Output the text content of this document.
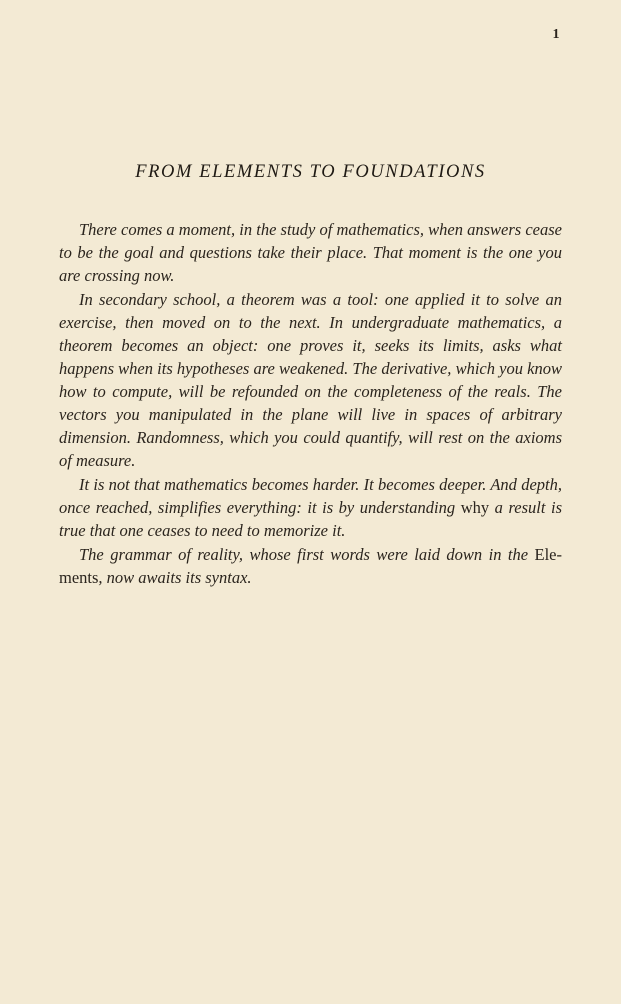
1
FROM ELEMENTS TO FOUNDATIONS

There comes a moment, in the study of mathematics, when answers cease to be the goal and questions take their place. That moment is the one you are crossing now.

In secondary school, a theorem was a tool: one applied it to solve an exercise, then moved on to the next. In undergraduate mathematics, a theorem becomes an object: one proves it, seeks its limits, asks what happens when its hypotheses are weakened. The derivative, which you know how to compute, will be refounded on the completeness of the reals. The vectors you manipulated in the plane will live in spaces of arbitrary dimension. Randomness, which you could quantify, will rest on the axioms of measure.

It is not that mathematics becomes harder. It becomes deeper. And depth, once reached, simplifies everything: it is by understanding why a result is true that one ceases to need to memorize it.

The grammar of reality, whose first words were laid down in the Elements, now awaits its syntax.
